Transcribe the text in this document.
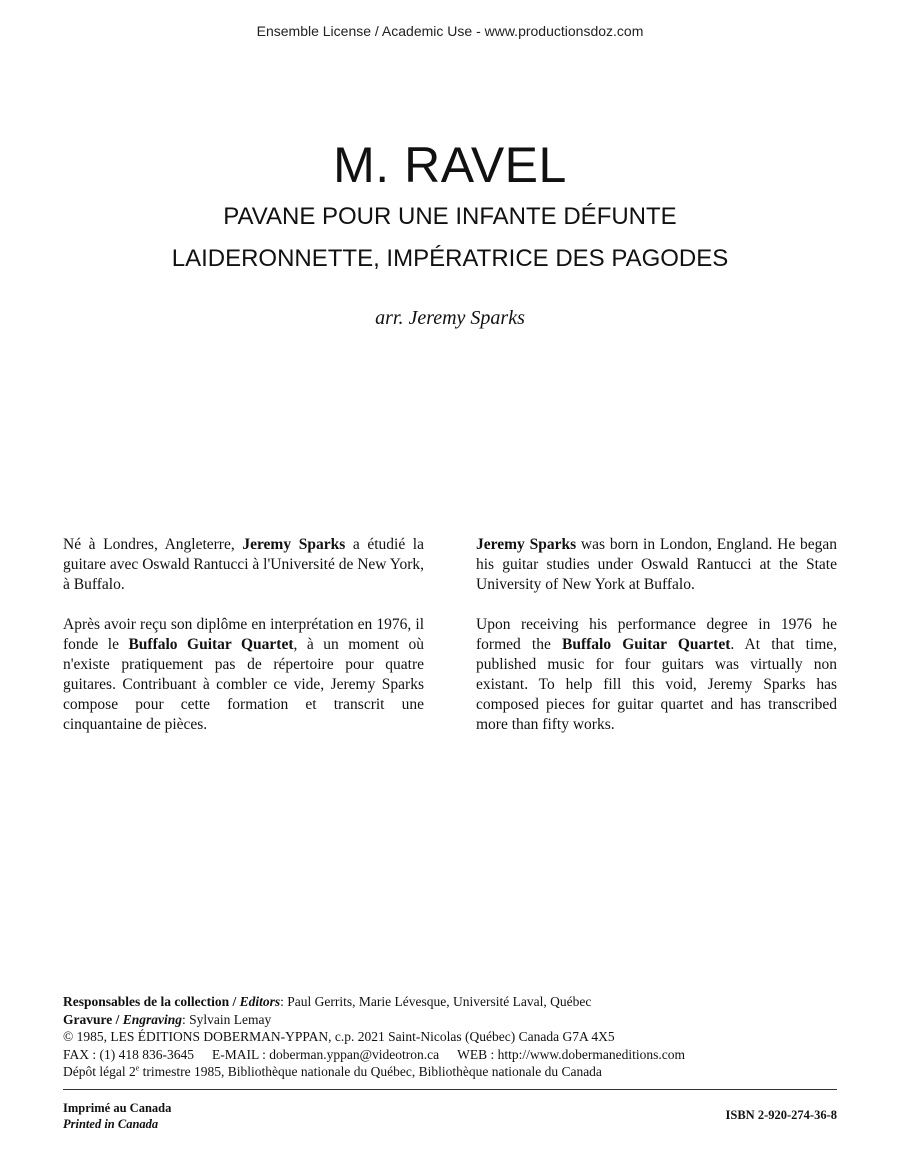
Ensemble License / Academic Use - www.productionsdoz.com
M. RAVEL
PAVANE POUR UNE INFANTE DÉFUNTE
LAIDERONNETTE, IMPÉRATRICE DES PAGODES
arr. Jeremy Sparks

Né à Londres, Angleterre, Jeremy Sparks a étudié la guitare avec Oswald Rantucci à l'Université de New York, à Buffalo.

Après avoir reçu son diplôme en interprétation en 1976, il fonde le Buffalo Guitar Quartet, à un moment où n'existe pratiquement pas de répertoire pour quatre guitares. Contribuant à combler ce vide, Jeremy Sparks compose pour cette formation et transcrit une cinquantaine de pièces.

Jeremy Sparks was born in London, England. He began his guitar studies under Oswald Rantucci at the State University of New York at Buffalo.

Upon receiving his performance degree in 1976 he formed the Buffalo Guitar Quartet. At that time, published music for four guitars was virtually non existant. To help fill this void, Jeremy Sparks has composed pieces for guitar quartet and has transcribed more than fifty works.

Responsables de la collection / Editors: Paul Gerrits, Marie Lévesque, Université Laval, Québec
Gravure / Engraving: Sylvain Lemay
© 1985, LES ÉDITIONS DOBERMAN-YPPAN, c.p. 2021 Saint-Nicolas (Québec) Canada G7A 4X5
FAX : (1) 418 836-3645 E-MAIL : doberman.yppan@videotron.ca WEB : http://www.dobermaneditions.com
Dépôt légal 2e trimestre 1985, Bibliothèque nationale du Québec, Bibliothèque nationale du Canada
Imprimé au Canada
Printed in Canada
ISBN 2-920-274-36-8
